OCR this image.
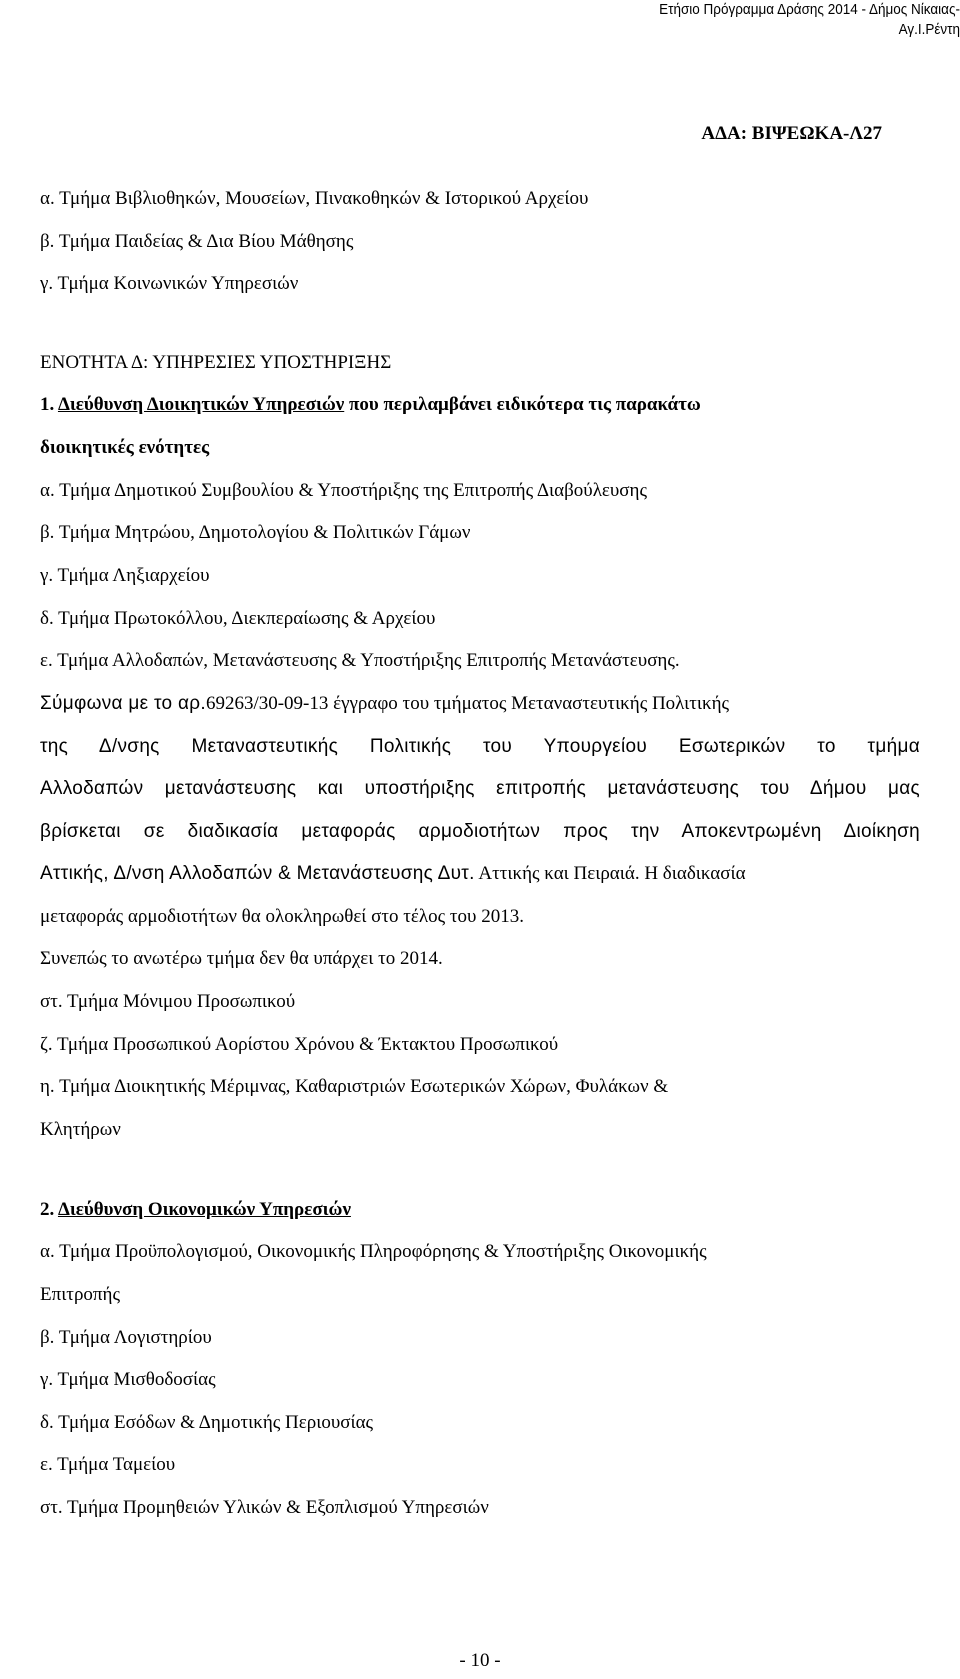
Ετήσιο Πρόγραμμα Δράσης 2014 - Δήμος Νίκαιας-
Αγ.Ι.Ρέντη
ΑΔΑ: ΒΙΨΕΩΚΑ-Λ27
α. Τμήμα Βιβλιοθηκών, Μουσείων, Πινακοθηκών & Ιστορικού Αρχείου
β. Τμήμα Παιδείας & Δια Βίου Μάθησης
γ. Τμήμα Κοινωνικών Υπηρεσιών
ΕΝΟΤΗΤΑ Δ: ΥΠΗΡΕΣΙΕΣ ΥΠΟΣΤΗΡΙΞΗΣ
1. Διεύθυνση Διοικητικών Υπηρεσιών που περιλαμβάνει ειδικότερα τις παρακάτω
διοικητικές ενότητες
α. Τμήμα Δημοτικού Συμβουλίου & Υποστήριξης της Επιτροπής Διαβούλευσης
β. Τμήμα Μητρώου, Δημοτολογίου & Πολιτικών Γάμων
γ. Τμήμα Ληξιαρχείου
δ. Τμήμα Πρωτοκόλλου, Διεκπεραίωσης & Αρχείου
ε. Τμήμα Αλλοδαπών, Μετανάστευσης & Υποστήριξης Επιτροπής Μετανάστευσης.
Σύμφωνα με το αρ.69263/30-09-13 έγγραφο του τμήματος Μεταναστευτικής Πολιτικής
της Δ/νσης Μεταναστευτικής Πολιτικής του Υπουργείου Εσωτερικών το τμήμα
Αλλοδαπών μετανάστευσης και υποστήριξης επιτροπής μετανάστευσης του Δήμου μας
βρίσκεται σε διαδικασία μεταφοράς αρμοδιοτήτων προς την Αποκεντρωμένη Διοίκηση
Αττικής, Δ/νση Αλλοδαπών & Μετανάστευσης Δυτ. Αττικής και Πειραιά. Η διαδικασία
μεταφοράς αρμοδιοτήτων θα ολοκληρωθεί στο τέλος του 2013.
Συνεπώς το ανωτέρω τμήμα δεν θα υπάρχει το 2014.
στ. Τμήμα Μόνιμου Προσωπικού
ζ. Τμήμα Προσωπικού Αορίστου Χρόνου & Έκτακτου Προσωπικού
η. Τμήμα Διοικητικής Μέριμνας, Καθαριστριών Εσωτερικών Χώρων, Φυλάκων &
Κλητήρων
2. Διεύθυνση Οικονομικών Υπηρεσιών
α. Τμήμα Προϋπολογισμού, Οικονομικής Πληροφόρησης & Υποστήριξης Οικονομικής
Επιτροπής
β. Τμήμα Λογιστηρίου
γ. Τμήμα Μισθοδοσίας
δ. Τμήμα Εσόδων & Δημοτικής Περιουσίας
ε. Τμήμα Ταμείου
στ. Τμήμα Προμηθειών Υλικών & Εξοπλισμού Υπηρεσιών
- 10 -
